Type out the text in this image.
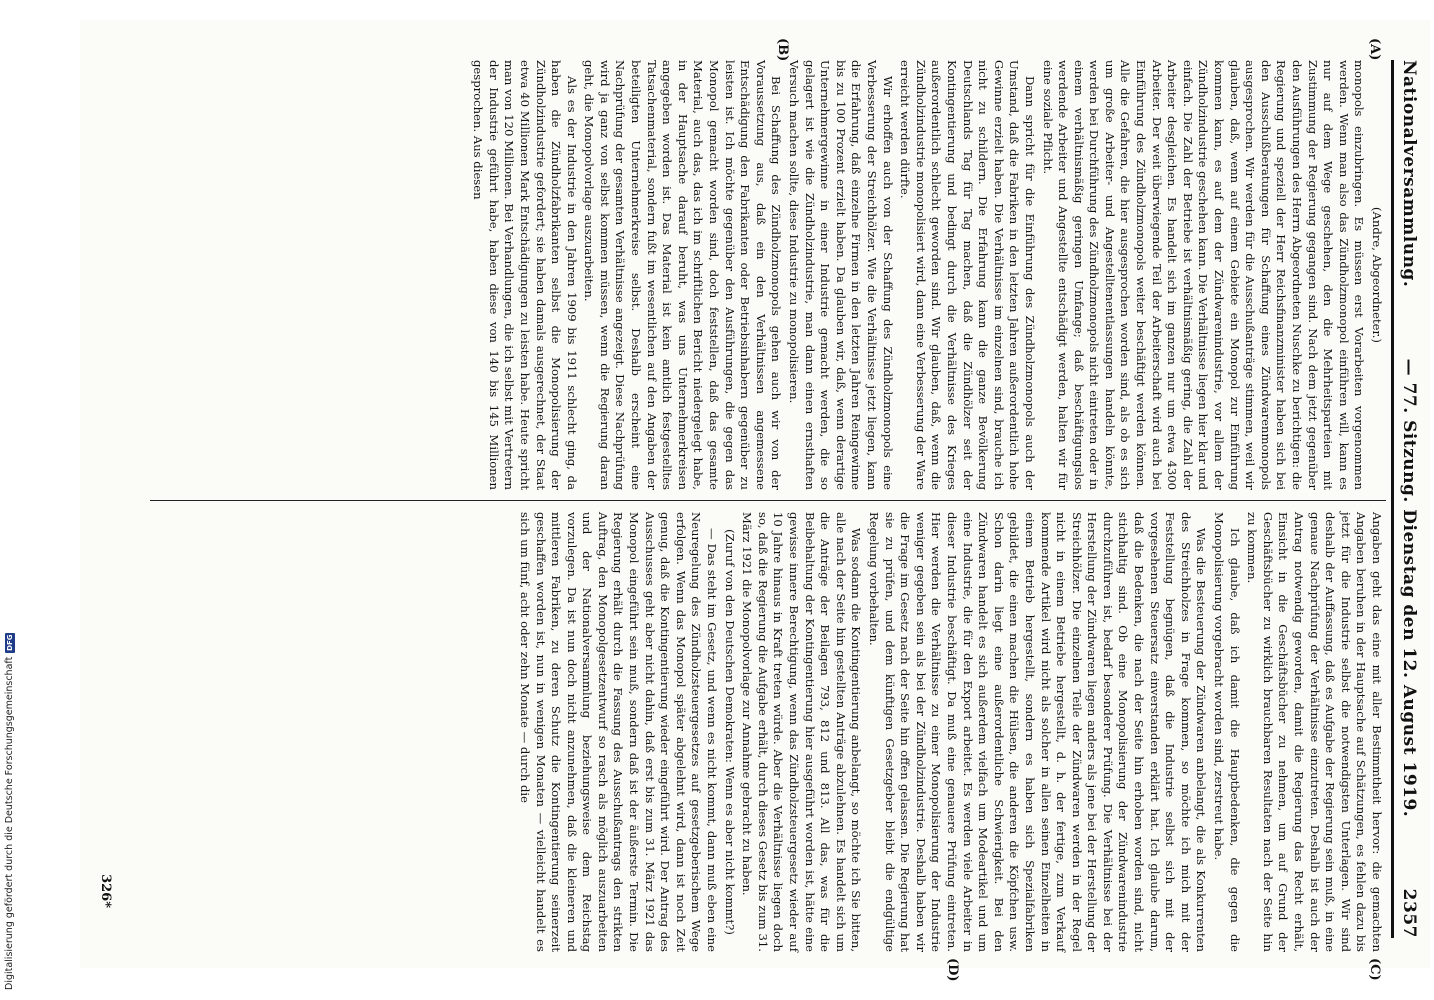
Digitalisierung gefördert durch die Deutsche Forschungsgemeinschaft
DFG
Nationalversammlung.
— 77. Sitzung. Dienstag den 12. August 1919.
2357
(A)
(B)
(C)
(D)

(Andre, Abgeordneter.)

monopols einzubringen. Es müssen erst Vorarbeiten vorgenommen werden. Wenn man also das Zündholzmonopol einführen will, kann es nur auf dem Wege geschehen, den die Mehrheitsparteien mit Zustimmung der Regierung gegangen sind. Nach dem jetzt gegenüber den Ausführungen des Herrn Abgeordneten Nuschke zu berichtigen: die Regierung und speziell der Herr Reichsfinanzminister haben sich bei den Ausschußberatungen für Schaffung eines Zündwarenmonopols ausgesprochen. Wir werden für die Ausschußanträge stimmen, weil wir glauben, daß, wenn auf einem Gebiete ein Monopol zur Einführung kommen kann, es auf dem der Zündwarenindustrie, vor allem der Zündholzindustrie geschehen kann. Die Verhältnisse liegen hier klar und einfach. Die Zahl der Betriebe ist verhältnismäßig gering, die Zahl der Arbeiter desgleichen. Es handelt sich im ganzen nur um etwa 4300 Arbeiter. Der weit überwiegende Teil der Arbeiterschaft wird auch bei Einführung des Zündholzmonopols weiter beschäftigt werden können. Alle die Gefahren, die hier ausgesprochen worden sind, als ob es sich um große Arbeiter- und Angestelltenentlassungen handeln könnte, werden bei Durchführung des Zündholzmonopols nicht eintreten oder in einem verhältnismäßig geringen Umfange; daß beschäftigungslos werdende Arbeiter und Angestellte entschädigt werden, halten wir für eine soziale Pflicht.

Dann spricht für die Einführung des Zündholzmonopols auch der Umstand, daß die Fabriken in den letzten Jahren außerordentlich hohe Gewinne erzielt haben. Die Verhältnisse im einzelnen sind, brauche ich nicht zu schildern. Die Erfahrung kann die ganze Bevölkerung Deutschlands Tag für Tag machen, daß die Zündhölzer seit der Kontingentierung und bedingt durch die Verhältnisse des Krieges außerordentlich schlecht geworden sind. Wir glauben, daß, wenn die Zündholzindustrie monopolisiert wird, dann eine Verbesserung der Ware erreicht werden dürfte.

Wir erhoffen auch von der Schaffung des Zündholzmonopols eine Verbesserung der Streichhölzer. Wie die Verhältnisse jetzt liegen, kann die Erfahrung, daß einzelne Firmen in den letzten Jahren Reingewinne bis zu 100 Prozent erzielt haben. Da glauben wir, daß, wenn derartige Unternehmergewinne in einer Industrie gemacht werden, die so gelagert ist wie die Zündholzindustrie, man dann einen ernsthaften Versuch machen sollte, diese Industrie zu monopolisieren.

Bei Schaffung des Zündholzmonopols gehen auch wir von der Voraussetzung aus, daß ein den Verhältnissen angemessene Entschädigung den Fabrikanten oder Betriebsinhabern gegenüber zu leisten ist. Ich möchte gegenüber den Ausführungen, die gegen das Monopol gemacht worden sind, doch feststellen, daß das gesamte Material, auch das, das ich im schriftlichen Bericht niedergelegt habe, in der Hauptsache darauf beruht, was uns Unternehmerkreisen angegeben worden ist. Das Material ist kein amtlich festgestelltes Tatsachenmaterial, sondern fußt im wesentlichen auf den Angaben der beteiligten Unternehmerkreise selbst. Deshalb erscheint eine Nachprüfung der gesamten Verhältnisse angezeigt. Diese Nachprüfung wird ja ganz von selbst kommen müssen, wenn die Regierung daran geht, die Monopolvorlage auszuarbeiten.

Als es der Industrie in den Jahren 1909 bis 1911 schlecht ging, da haben die Zündholzfabrikanten selbst die Monopolisierung der Zündholzindustrie gefordert; sie haben damals ausgerechnet, der Staat etwa 40 Millionen Mark Entschädigungen zu leisten habe. Heute spricht man von 120 Millionen. Bei Verhandlungen, die ich selbst mit Vertretern der Industrie geführt habe, haben diese von 140 bis 145 Millionen gesprochen. Aus diesen

Angaben geht das eine mit aller Bestimmtheit hervor: die gemachten Angaben beruhen in der Hauptsache auf Schätzungen, es fehlen dazu bis jetzt für die Industrie selbst die notwendigsten Unterlagen. Wir sind deshalb der Auffassung, daß es Aufgabe der Regierung sein muß, in eine genaue Nachprüfung der Verhältnisse einzutreten. Deshalb ist auch der Antrag notwendig geworden, damit die Regierung das Recht erhält, Einsicht in die Geschäftsbücher zu nehmen, um auf Grund der Geschäftsbücher zu wirklich brauchbaren Resultaten nach der Seite hin zu kommen.

Ich glaube, daß ich damit die Hauptbedenken, die gegen die Monopolisierung vorgebracht worden sind, zerstreut habe.

Was die Besteuerung der Zündwaren anbelangt, die als Konkurrenten des Streichholzes in Frage kommen, so möchte ich mich mit der Feststellung begnügen, daß die Industrie selbst sich mit der vorgesehenen Steuersatz einverstanden erklärt hat. Ich glaube darum, daß die Bedenken, die nach der Seite hin erhoben worden sind, nicht stichhaltig sind. Ob eine Monopolisierung der Zündwarenindustrie durchzuführen ist, bedarf besonderer Prüfung. Die Verhältnisse bei der Herstellung der Zündwaren liegen anders als jene bei der Herstellung der Streichhölzer. Die einzelnen Teile der Zündwaren werden in der Regel nicht in einem Betriebe hergestellt, d. h. der fertige, zum Verkauf kommende Artikel wird nicht als solcher in allen seinen Einzelheiten in einem Betrieb hergestellt, sondern es haben sich Spezialfabriken gebildet, die einen machen die Hülsen, die anderen die Köpfchen usw. Schon darin liegt eine außerordentliche Schwierigkeit. Bei den Zündwaren handelt es sich außerdem vielfach um Modeartikel und um eine Industrie, die für den Export arbeitet. Es werden viele Arbeiter in dieser Industrie beschäftigt. Da muß eine genauere Prüfung eintreten. Hier werden die Verhältnisse zu einer Monopolisierung der Industrie weniger gegeben sein als bei der Zündholzindustrie. Deshalb haben wir die Frage im Gesetz nach der Seite hin offen gelassen. Die Regierung hat sie zu prüfen, und dem künftigen Gesetzgeber bleibt die endgültige Regelung vorbehalten.

Was sodann die Kontingentierung anbelangt, so möchte ich Sie bitten, alle nach der Seite hin gestellten Anträge abzulehnen. Es handelt sich um die Anträge der Beilagen 793, 812 und 813. All das, was für die Beibehaltung der Kontingentierung hier ausgeführt worden ist, hätte eine gewisse innere Berechtigung, wenn das Zündholzsteuergesetz wieder auf 10 Jahre hinaus in Kraft treten würde. Aber die Verhältnisse liegen doch so, daß die Regierung die Aufgabe erhält, durch dieses Gesetz bis zum 31. März 1921 die Monopolvorlage zur Annahme gebracht zu haben.

(Zuruf von den Deutschen Demokraten: Wenn es aber nicht kommt?)

— Das steht im Gesetz, und wenn es nicht kommt, dann muß eben eine Neuregelung des Zündholzsteuergesetzes auf gesetzgeberischem Wege erfolgen. Wenn das Monopol später abgelehnt wird, dann ist noch Zeit genug, daß die Kontingentierung wieder eingeführt wird. Der Antrag des Ausschusses geht aber nicht dahin, daß erst bis zum 31. März 1921 das Monopol eingeführt sein muß, sondern daß ist der äußerste Termin. Die Regierung erhält durch die Fassung des Ausschußantrags den strikten Auftrag, den Monopolgesetzentwurf so rasch als möglich auszuarbeiten und der Nationalversammlung beziehungsweise dem Reichstag vorzulegen. Da ist nun doch nicht anzunehmen, daß die kleineren und mittleren Fabriken, zu deren Schutz die Kontingentierung seinerzeit geschaffen worden ist, nun in wenigen Monaten — vielleicht handelt es sich um fünf, acht oder zehn Monate — durch die

326*
